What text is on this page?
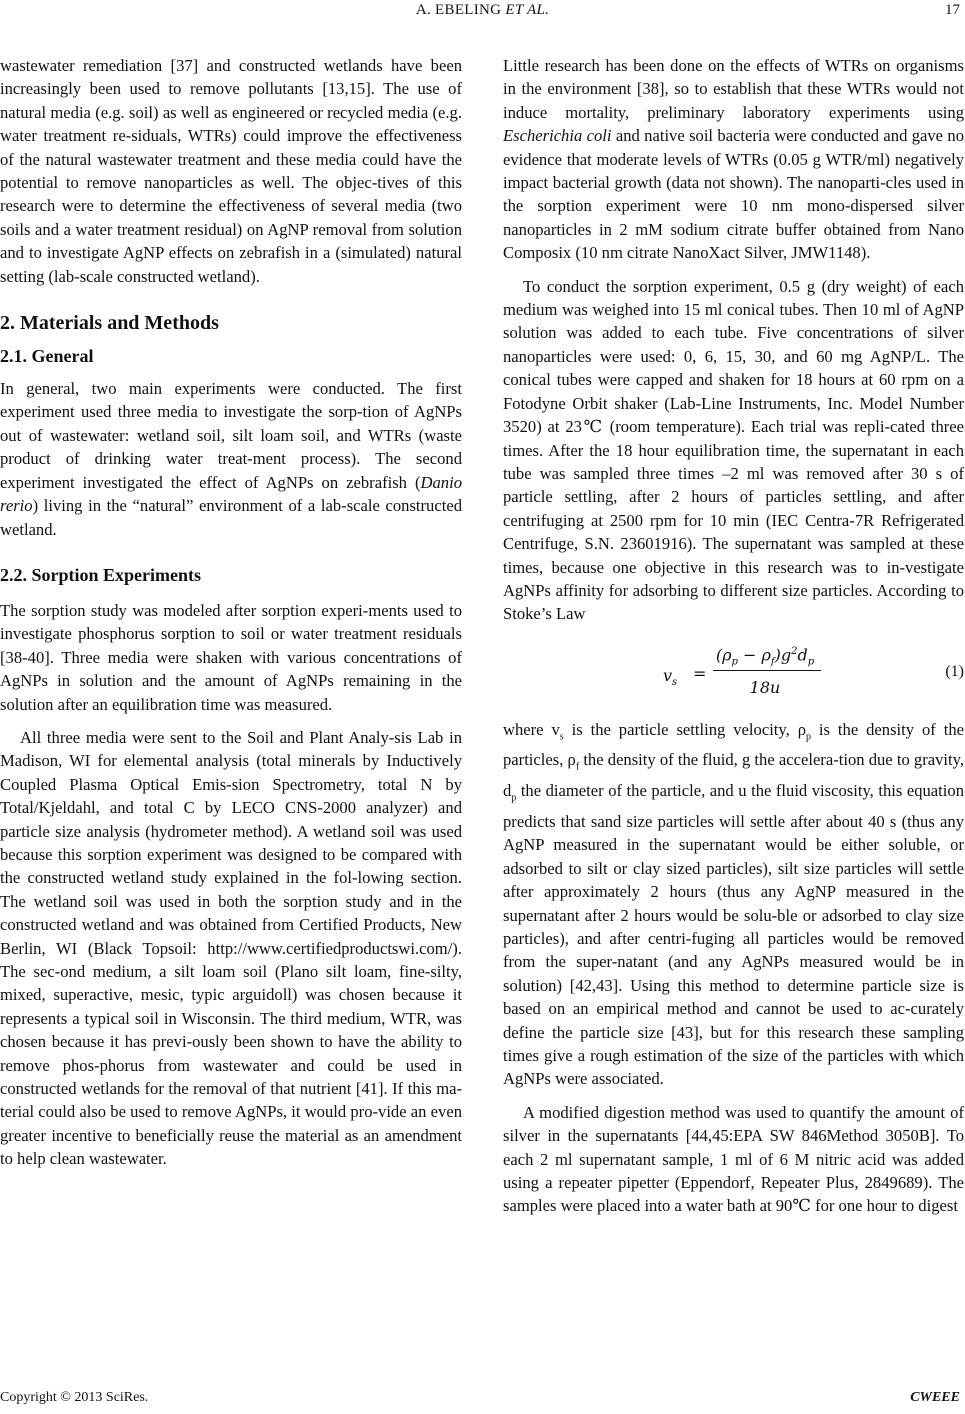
A. EBELING ET AL.	17

wastewater remediation [37] and constructed wetlands have been increasingly been used to remove pollutants [13,15]. The use of natural media (e.g. soil) as well as engineered or recycled media (e.g. water treatment re-siduals, WTRs) could improve the effectiveness of the natural wastewater treatment and these media could have the potential to remove nanoparticles as well. The objec-tives of this research were to determine the effectiveness of several media (two soils and a water treatment residual) on AgNP removal from solution and to investigate AgNP effects on zebrafish in a (simulated) natural setting (lab-scale constructed wetland).

2. Materials and Methods
2.1. General

In general, two main experiments were conducted. The first experiment used three media to investigate the sorp-tion of AgNPs out of wastewater: wetland soil, silt loam soil, and WTRs (waste product of drinking water treat-ment process). The second experiment investigated the effect of AgNPs on zebrafish (Danio rerio) living in the “natural” environment of a lab-scale constructed wetland.

2.2. Sorption Experiments

The sorption study was modeled after sorption experi-ments used to investigate phosphorus sorption to soil or water treatment residuals [38-40]. Three media were shaken with various concentrations of AgNPs in solution and the amount of AgNPs remaining in the solution after an equilibration time was measured.

All three media were sent to the Soil and Plant Analy-sis Lab in Madison, WI for elemental analysis (total minerals by Inductively Coupled Plasma Optical Emis-sion Spectrometry, total N by Total/Kjeldahl, and total C by LECO CNS-2000 analyzer) and particle size analysis (hydrometer method). A wetland soil was used because this sorption experiment was designed to be compared with the constructed wetland study explained in the fol-lowing section. The wetland soil was used in both the sorption study and in the constructed wetland and was obtained from Certified Products, New Berlin, WI (Black Topsoil: http://www.certifiedproductswi.com/). The sec-ond medium, a silt loam soil (Plano silt loam, fine-silty, mixed, superactive, mesic, typic arguidoll) was chosen because it represents a typical soil in Wisconsin. The third medium, WTR, was chosen because it has previ-ously been shown to have the ability to remove phos-phorus from wastewater and could be used in constructed wetlands for the removal of that nutrient [41]. If this ma-terial could also be used to remove AgNPs, it would pro-vide an even greater incentive to beneficially reuse the material as an amendment to help clean wastewater.

Little research has been done on the effects of WTRs on organisms in the environment [38], so to establish that these WTRs would not induce mortality, preliminary laboratory experiments using Escherichia coli and native soil bacteria were conducted and gave no evidence that moderate levels of WTRs (0.05 g WTR/ml) negatively impact bacterial growth (data not shown). The nanoparti-cles used in the sorption experiment were 10 nm mono-dispersed silver nanoparticles in 2 mM sodium citrate buffer obtained from Nano Composix (10 nm citrate NanoXact Silver, JMW1148).

To conduct the sorption experiment, 0.5 g (dry weight) of each medium was weighed into 15 ml conical tubes. Then 10 ml of AgNP solution was added to each tube. Five concentrations of silver nanoparticles were used: 0, 6, 15, 30, and 60 mg AgNP/L. The conical tubes were capped and shaken for 18 hours at 60 rpm on a Fotodyne Orbit shaker (Lab-Line Instruments, Inc. Model Number 3520) at 23℃ (room temperature). Each trial was repli-cated three times. After the 18 hour equilibration time, the supernatant in each tube was sampled three times –2 ml was removed after 30 s of particle settling, after 2 hours of particles settling, and after centrifuging at 2500 rpm for 10 min (IEC Centra-7R Refrigerated Centrifuge, S.N. 23601916). The supernatant was sampled at these times, because one objective in this research was to in-vestigate AgNPs affinity for adsorbing to different size particles. According to Stoke’s Law

$v_s$ =
$(\rho_p - \rho_f)g^2d_p$
18u
(1)

where $v_s$ is the particle settling velocity, $\rho_p$ is the density of the particles, $\rho_f$ the density of the fluid, g the accelera-tion due to gravity, $d_p$ the diameter of the particle, and u the fluid viscosity, this equation predicts that sand size particles will settle after about 40 s (thus any AgNP measured in the supernatant would be either soluble, or adsorbed to silt or clay sized particles), silt size particles will settle after approximately 2 hours (thus any AgNP measured in the supernatant after 2 hours would be solu-ble or adsorbed to clay size particles), and after centri-fuging all particles would be removed from the super-natant (and any AgNPs measured would be in solution) [42,43]. Using this method to determine particle size is based on an empirical method and cannot be used to ac-curately define the particle size [43], but for this research these sampling times give a rough estimation of the size of the particles with which AgNPs were associated.

A modified digestion method was used to quantify the amount of silver in the supernatants [44,45:EPA SW 846Method 3050B]. To each 2 ml supernatant sample, 1 ml of 6 M nitric acid was added using a repeater pipetter (Eppendorf, Repeater Plus, 2849689). The samples were placed into a water bath at 90℃ for one hour to digest

Copyright © 2013 SciRes.	CWEEE
